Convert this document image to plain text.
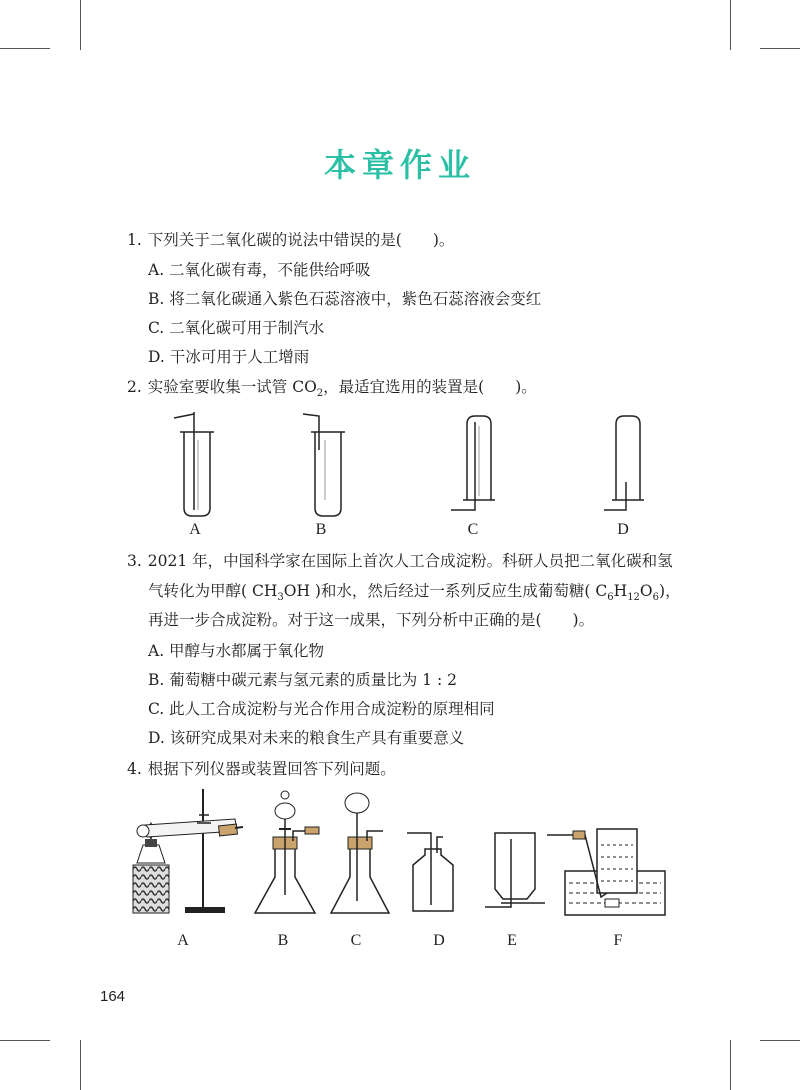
本章作业
1. 下列关于二氧化碳的说法中错误的是(　　)。
A. 二氧化碳有毒，不能供给呼吸
B. 将二氧化碳通入紫色石蕊溶液中，紫色石蕊溶液会变红
C. 二氧化碳可用于制汽水
D. 干冰可用于人工增雨
2. 实验室要收集一试管 $CO_2$，最适宜选用的装置是(　　)。
A	B	C	D
3. 2021 年，中国科学家在国际上首次人工合成淀粉。科研人员把二氧化碳和氢
气转化为甲醇( $CH_3OH$ )和水，然后经过一系列反应生成葡萄糖( $C_6H_{12}O_6$)，
再进一步合成淀粉。对于这一成果，下列分析中正确的是(　　)。
A. 甲醇与水都属于氧化物
B. 葡萄糖中碳元素与氢元素的质量比为 1 : 2
C. 此人工合成淀粉与光合作用合成淀粉的原理相同
D. 该研究成果对未来的粮食生产具有重要意义
4. 根据下列仪器或装置回答下列问题。
A	B	C	D	E	F
164
